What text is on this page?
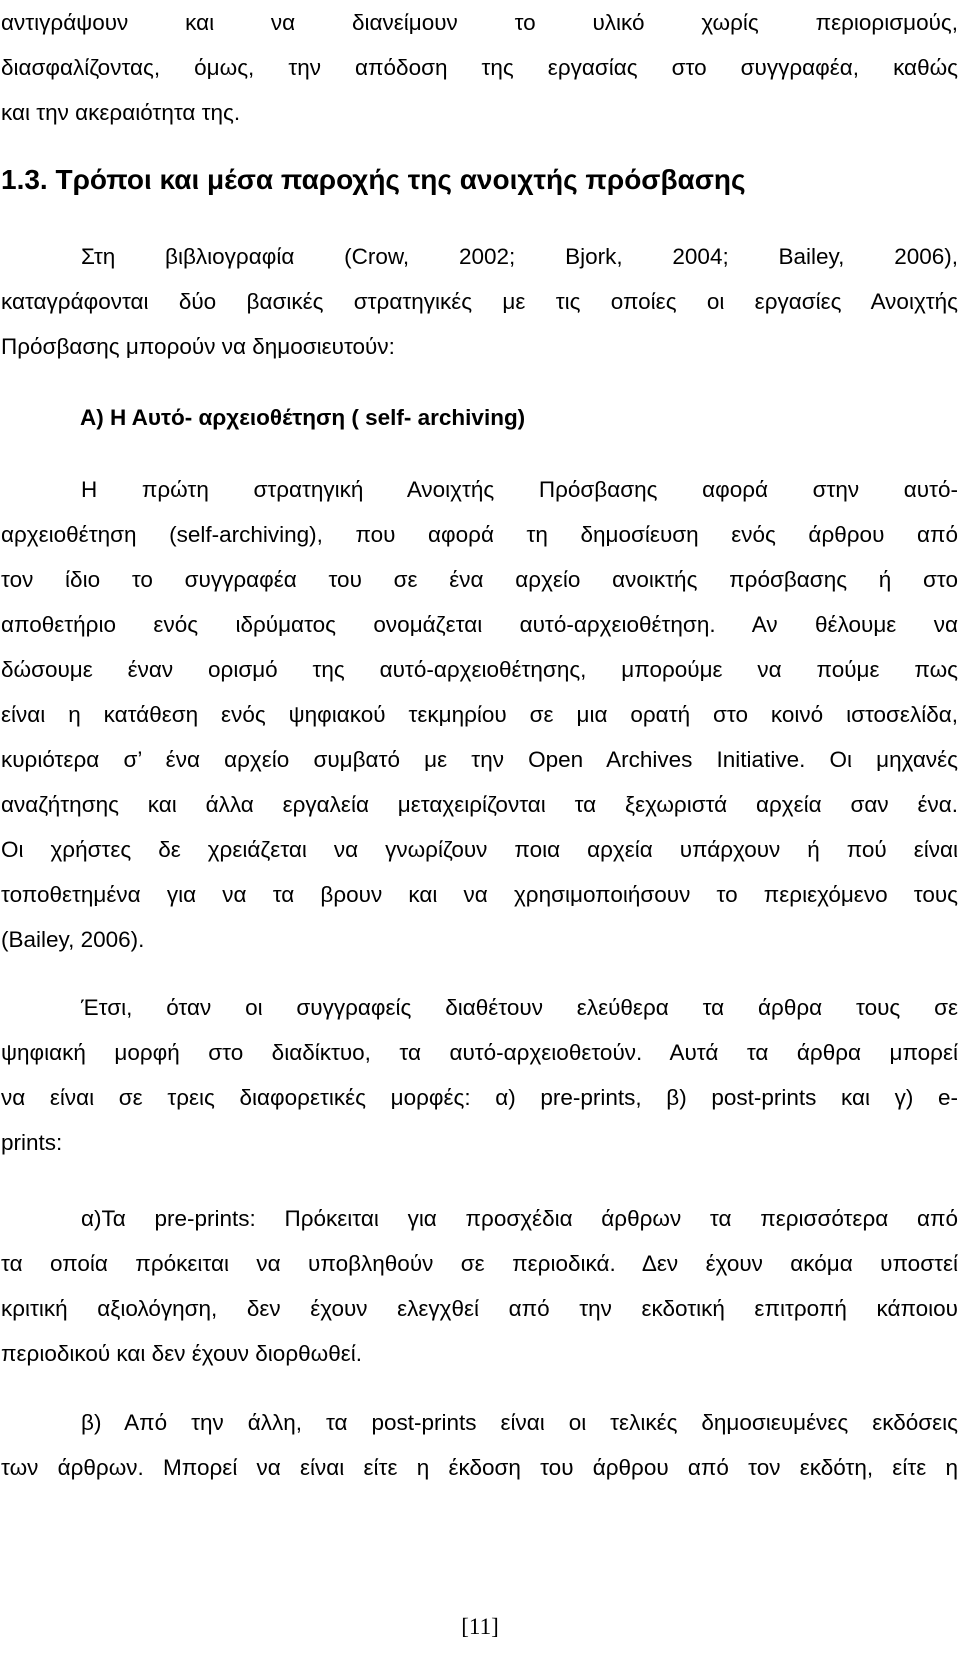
αντιγράψουν και να διανείμουν το υλικό χωρίς περιορισμούς,
διασφαλίζοντας, όμως, την απόδοση της εργασίας στο συγγραφέα, καθώς
και την ακεραιότητα της.
1.3. Τρόποι και μέσα παροχής της ανοιχτής πρόσβασης
Στη βιβλιογραφία (Crow, 2002; Bjork, 2004; Bailey, 2006),
καταγράφονται δύο βασικές στρατηγικές με τις οποίες οι εργασίες Ανοιχτής
Πρόσβασης μπορούν να δημοσιευτούν:
Α) Η Αυτό- αρχειοθέτηση ( self- archiving)
Η πρώτη στρατηγική Ανοιχτής Πρόσβασης αφορά στην αυτό-
αρχειοθέτηση (self-archiving), που αφορά τη δημοσίευση ενός άρθρου από
τον ίδιο το συγγραφέα του σε ένα αρχείο ανοικτής πρόσβασης ή στο
αποθετήριο ενός ιδρύματος ονομάζεται αυτό-αρχειοθέτηση. Αν θέλουμε να
δώσουμε έναν ορισμό της αυτό-αρχειοθέτησης, μπορούμε να πούμε πως
είναι η κατάθεση ενός ψηφιακού τεκμηρίου σε μια ορατή στο κοινό ιστοσελίδα,
κυριότερα σ’ ένα αρχείο συμβατό με την Open Archives Initiative. Οι μηχανές
αναζήτησης και άλλα εργαλεία μεταχειρίζονται τα ξεχωριστά αρχεία σαν ένα.
Οι χρήστες δε χρειάζεται να γνωρίζουν ποια αρχεία υπάρχουν ή πού είναι
τοποθετημένα για να τα βρουν και να χρησιμοποιήσουν το περιεχόμενο τους
(Bailey, 2006).
Έτσι, όταν οι συγγραφείς διαθέτουν ελεύθερα τα άρθρα τους σε
ψηφιακή μορφή στο διαδίκτυο, τα αυτό-αρχειοθετούν. Αυτά τα άρθρα μπορεί
να είναι σε τρεις διαφορετικές μορφές: α) pre-prints, β) post-prints και γ) e-
prints:
α)Τα pre-prints: Πρόκειται για προσχέδια άρθρων τα περισσότερα από
τα οποία πρόκειται να υποβληθούν σε περιοδικά. Δεν έχουν ακόμα υποστεί
κριτική αξιολόγηση, δεν έχουν ελεγχθεί από την εκδοτική επιτροπή κάποιου
περιοδικού και δεν έχουν διορθωθεί.
β) Από την άλλη, τα post-prints είναι οι τελικές δημοσιευμένες εκδόσεις
των άρθρων. Μπορεί να είναι είτε η έκδοση του άρθρου από τον εκδότη, είτε η
[11]
